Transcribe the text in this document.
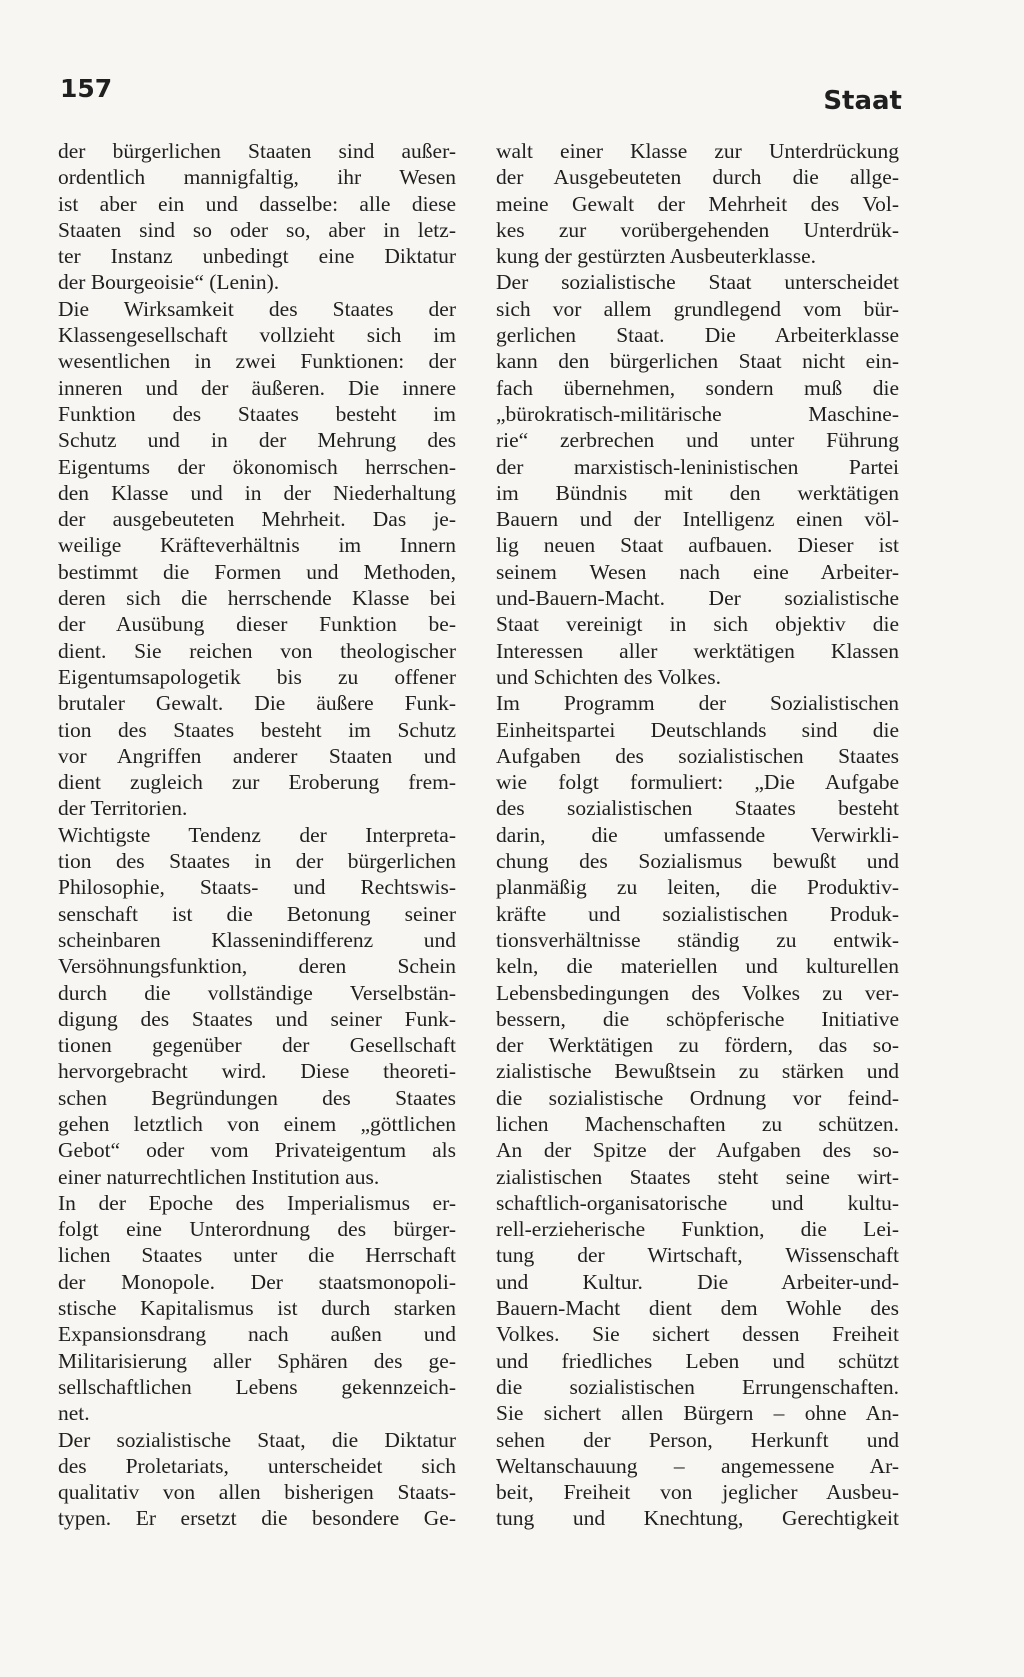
157	Staat
der bürgerlichen Staaten sind außer-
ordentlich mannigfaltig, ihr Wesen
ist aber ein und dasselbe: alle diese
Staaten sind so oder so, aber in letz-
ter Instanz unbedingt eine Diktatur
der Bourgeoisie“ (Lenin).
Die Wirksamkeit des Staates der
Klassengesellschaft vollzieht sich im
wesentlichen in zwei Funktionen: der
inneren und der äußeren. Die innere
Funktion des Staates besteht im
Schutz und in der Mehrung des
Eigentums der ökonomisch herrschen-
den Klasse und in der Niederhaltung
der ausgebeuteten Mehrheit. Das je-
weilige Kräfteverhältnis im Innern
bestimmt die Formen und Methoden,
deren sich die herrschende Klasse bei
der Ausübung dieser Funktion be-
dient. Sie reichen von theologischer
Eigentumsapologetik bis zu offener
brutaler Gewalt. Die äußere Funk-
tion des Staates besteht im Schutz
vor Angriffen anderer Staaten und
dient zugleich zur Eroberung frem-
der Territorien.
Wichtigste Tendenz der Interpreta-
tion des Staates in der bürgerlichen
Philosophie, Staats- und Rechtswis-
senschaft ist die Betonung seiner
scheinbaren Klassenindifferenz und
Versöhnungsfunktion, deren Schein
durch die vollständige Verselbstän-
digung des Staates und seiner Funk-
tionen gegenüber der Gesellschaft
hervorgebracht wird. Diese theoreti-
schen Begründungen des Staates
gehen letztlich von einem „göttlichen
Gebot“ oder vom Privateigentum als
einer naturrechtlichen Institution aus.
In der Epoche des Imperialismus er-
folgt eine Unterordnung des bürger-
lichen Staates unter die Herrschaft
der Monopole. Der staatsmonopoli-
stische Kapitalismus ist durch starken
Expansionsdrang nach außen und
Militarisierung aller Sphären des ge-
sellschaftlichen Lebens gekennzeich-
net.
Der sozialistische Staat, die Diktatur
des Proletariats, unterscheidet sich
qualitativ von allen bisherigen Staats-
typen. Er ersetzt die besondere Ge-
walt einer Klasse zur Unterdrückung
der Ausgebeuteten durch die allge-
meine Gewalt der Mehrheit des Vol-
kes zur vorübergehenden Unterdrük-
kung der gestürzten Ausbeuterklasse.
Der sozialistische Staat unterscheidet
sich vor allem grundlegend vom bür-
gerlichen Staat. Die Arbeiterklasse
kann den bürgerlichen Staat nicht ein-
fach übernehmen, sondern muß die
„bürokratisch-militärische Maschine-
rie“ zerbrechen und unter Führung
der marxistisch-leninistischen Partei
im Bündnis mit den werktätigen
Bauern und der Intelligenz einen völ-
lig neuen Staat aufbauen. Dieser ist
seinem Wesen nach eine Arbeiter-
und-Bauern-Macht. Der sozialistische
Staat vereinigt in sich objektiv die
Interessen aller werktätigen Klassen
und Schichten des Volkes.
Im Programm der Sozialistischen
Einheitspartei Deutschlands sind die
Aufgaben des sozialistischen Staates
wie folgt formuliert: „Die Aufgabe
des sozialistischen Staates besteht
darin, die umfassende Verwirkli-
chung des Sozialismus bewußt und
planmäßig zu leiten, die Produktiv-
kräfte und sozialistischen Produk-
tionsverhältnisse ständig zu entwik-
keln, die materiellen und kulturellen
Lebensbedingungen des Volkes zu ver-
bessern, die schöpferische Initiative
der Werktätigen zu fördern, das so-
zialistische Bewußtsein zu stärken und
die sozialistische Ordnung vor feind-
lichen Machenschaften zu schützen.
An der Spitze der Aufgaben des so-
zialistischen Staates steht seine wirt-
schaftlich-organisatorische und kultu-
rell-erzieherische Funktion, die Lei-
tung der Wirtschaft, Wissenschaft
und Kultur. Die Arbeiter-und-
Bauern-Macht dient dem Wohle des
Volkes. Sie sichert dessen Freiheit
und friedliches Leben und schützt
die sozialistischen Errungenschaften.
Sie sichert allen Bürgern – ohne An-
sehen der Person, Herkunft und
Weltanschauung – angemessene Ar-
beit, Freiheit von jeglicher Ausbeu-
tung und Knechtung, Gerechtigkeit
